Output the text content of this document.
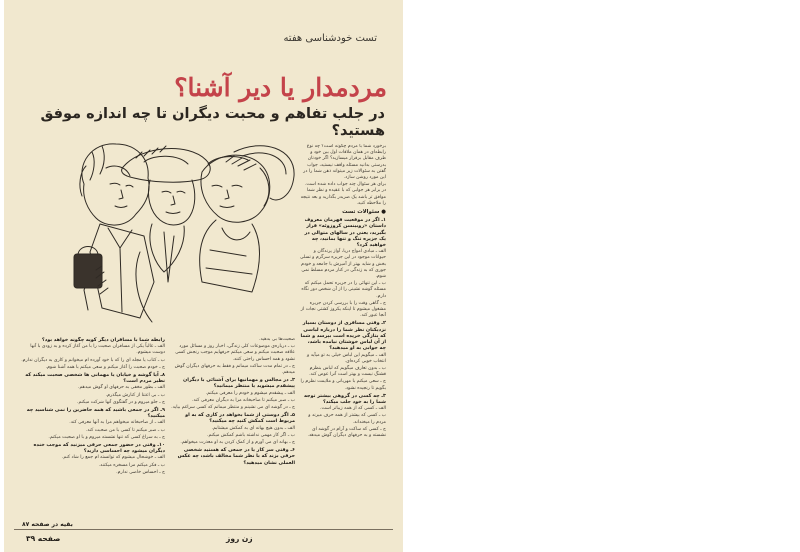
تست خودشناسی هفته

مردمدار یا دیر آشنا؟

در جلب تفاهم و محبت دیگران تا چه اندازه موفق هستید؟

برخورد شما با مردم چگونه است؟ چه نوع رابطه‌ای در همان ملاقات اول بین خود و طرف مقابل برقرار میسازید؟ اگر خودتان بدرستی بدانید مسئله واقف نیستید، جواب گفتن به سئوالات زیر میتواند ذهن شما را در این مورد روشن سازد.

برای هر سئوال چند جواب داده شده است. در برابر هر جوابی که با عقیده و نظر شما موافق تر باشد یک ضربدر بگذارید و بعد نتیجه را ملاحظه کنید.

● سئوالات تست

۱ـ اگر در موقعیت قهرمان معروف داستان «روبینسن کروزوئه» قرار بگیرید، یعنی در سالهای متوالی در یک جزیره تنگ و تنها بمانید، چه خواهید کرد؟

الف ـ مبادی امواج دریا، آواز پرندگان و حیوانات موجود در این جزیره سرگرم و تسلی بخش و شاید بهتر از آمیزش با جامعه و خودم جوری که به زندگی در کنار مردم مسلط نمی شوم.

ب ـ این تنهائی را در جزیره تحمل میکنم که مسئله گوشه نشینی را از آن شخص دور نگاه دارم.

ج ـ گاهی وقت را با بررسی کردن جزیره مشغول میشوم تا اینکه یکروز کشتی نجات از آنجا عبور کند.

۲ـ وقتی مسافری از دوستان بسیار نزدیکتان نظر شما را درباره لباسی که بتازگی خریده است بپرسد و شما از آن لباس خوشتان نیامده باشد، چه جوابی به او میدهید؟

الف ـ میگویم این لباس خیلی به تو میآید و انتخاب خوبی کرده‌ای.

ب ـ بدون تعارف میگویم که لباس بنظرم قشنگ نیست و بهتر است آنرا عوض کند.

ج ـ سعی میکنم با مهربانی و ملایمت نظرم را بگویم تا رنجیده نشود.

۳ـ چه کسی در گروهی بیشتر توجه شما را به خود جلب میکند؟

الف ـ کسی که از همه زیباتر است.

ب ـ کسی که بیشتر از همه حرف میزند و مردم را میخنداند.

ج ـ کسی که ساکت و آرام در گوشه ای نشسته و به حرفهای دیگران گوش میدهد.

صحبت‌ها بی بدهید.

ب ـ درباره‌ی موضوعات کلی زندگی، اخبار روز و مسائل مورد علاقه صحبت میکنم و سعی میکنم حرفهایم موجب رنجش کسی نشود و همه احساس راحتی کنند.

ج ـ در تمام مدت ساکت میمانم و فقط به حرفهای دیگران گوش میدهم.

۴ـ در مجالس و مهمانیها برای آشنائی با دیگران پیشقدم میشوید یا منتظر میمانید؟

الف ـ پیشقدم میشوم و خودم را معرفی میکنم.

ب ـ صبر میکنم تا صاحبخانه مرا به دیگران معرفی کند.

ج ـ در گوشه ای می نشینم و منتظر میمانم که کسی سراغم بیاید.

۵ـ اگر دوستی از شما بخواهد در کاری که به او مربوط است کمکش کنید چه میکنید؟

الف ـ بدون هیچ بهانه ای به کمکش میشتابم.

ب ـ اگر کار مهمی نداشته باشم کمکش میکنم.

ج ـ بهانه ای می آورم و از کمک کردن به او معذرت میخواهم.

۶ـ وقتی سر کار یا در جمعی که هستید شخصی حرفی بزند که با نظر شما مخالف باشد، چه عکس العملی نشان میدهید؟

رابطه شما با مسافران دیگر کوپه چگونه خواهد بود؟

الف ـ غالباً یکی از مسافران صحبت را با من آغاز کرده و به زودی با آنها دوست میشوم.

ب ـ کتاب یا مجله ای را که با خود آورده ام میخوانم و کاری به دیگران ندارم.

ج ـ خودم صحبت را آغاز میکنم و سعی میکنم با همه آشنا شوم.

۸ـ آیا گوشه و خیابان یا مهمانی ها شخصی صحبت میکند که نظیر مردم است؟

الف ـ بطور مخفی به حرفهای او گوش میدهم.

ب ـ بی اعتنا از کنارش میگذرم.

ج ـ جلو میروم و در گفتگوی آنها شرکت میکنم.

۹ـ اگر در جمعی باشید که همه حاضرین را نمی شناسید چه میکنید؟

الف ـ از صاحبخانه میخواهم مرا به آنها معرفی کند.

ب ـ صبر میکنم تا کسی با من صحبت کند.

ج ـ به سراغ کسی که تنها نشسته میروم و با او صحبت میکنم.

۱۰ـ وقتی در حضور جمعی حرفی میزنید که موجب خنده دیگران میشود چه احساسی دارید؟

الف ـ خوشحال میشوم که توانسته ام جمع را شاد کنم.

ب ـ فکر میکنم مرا مسخره میکنند.

ج ـ احساس خاصی ندارم.

بقیه در صفحه ۸۷
صفحه ۳۹	زن روز
